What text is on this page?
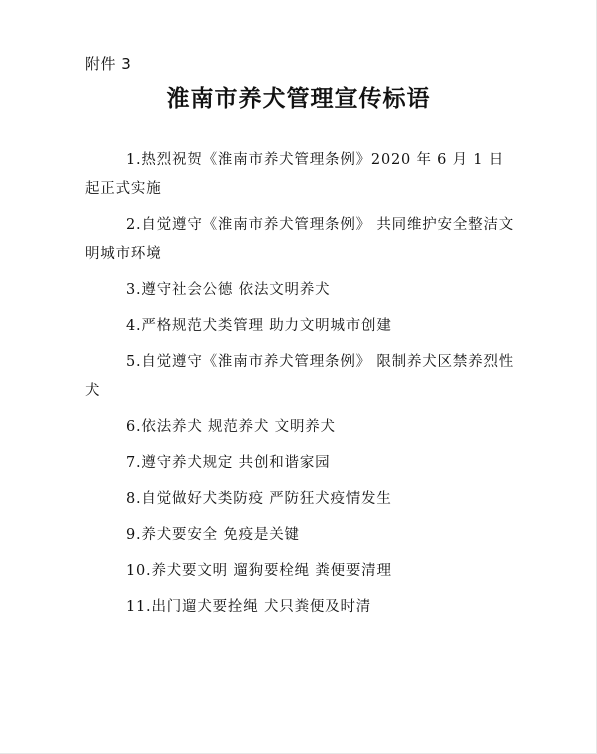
附件 3
淮南市养犬管理宣传标语
1.热烈祝贺《淮南市养犬管理条例》2020 年 6 月 1 日起正式实施
2.自觉遵守《淮南市养犬管理条例》 共同维护安全整洁文明城市环境
3.遵守社会公德 依法文明养犬
4.严格规范犬类管理 助力文明城市创建
5.自觉遵守《淮南市养犬管理条例》 限制养犬区禁养烈性犬
6.依法养犬 规范养犬 文明养犬
7.遵守养犬规定 共创和谐家园
8.自觉做好犬类防疫 严防狂犬疫情发生
9.养犬要安全 免疫是关键
10.养犬要文明 遛狗要栓绳 粪便要清理
11.出门遛犬要拴绳 犬只粪便及时清
